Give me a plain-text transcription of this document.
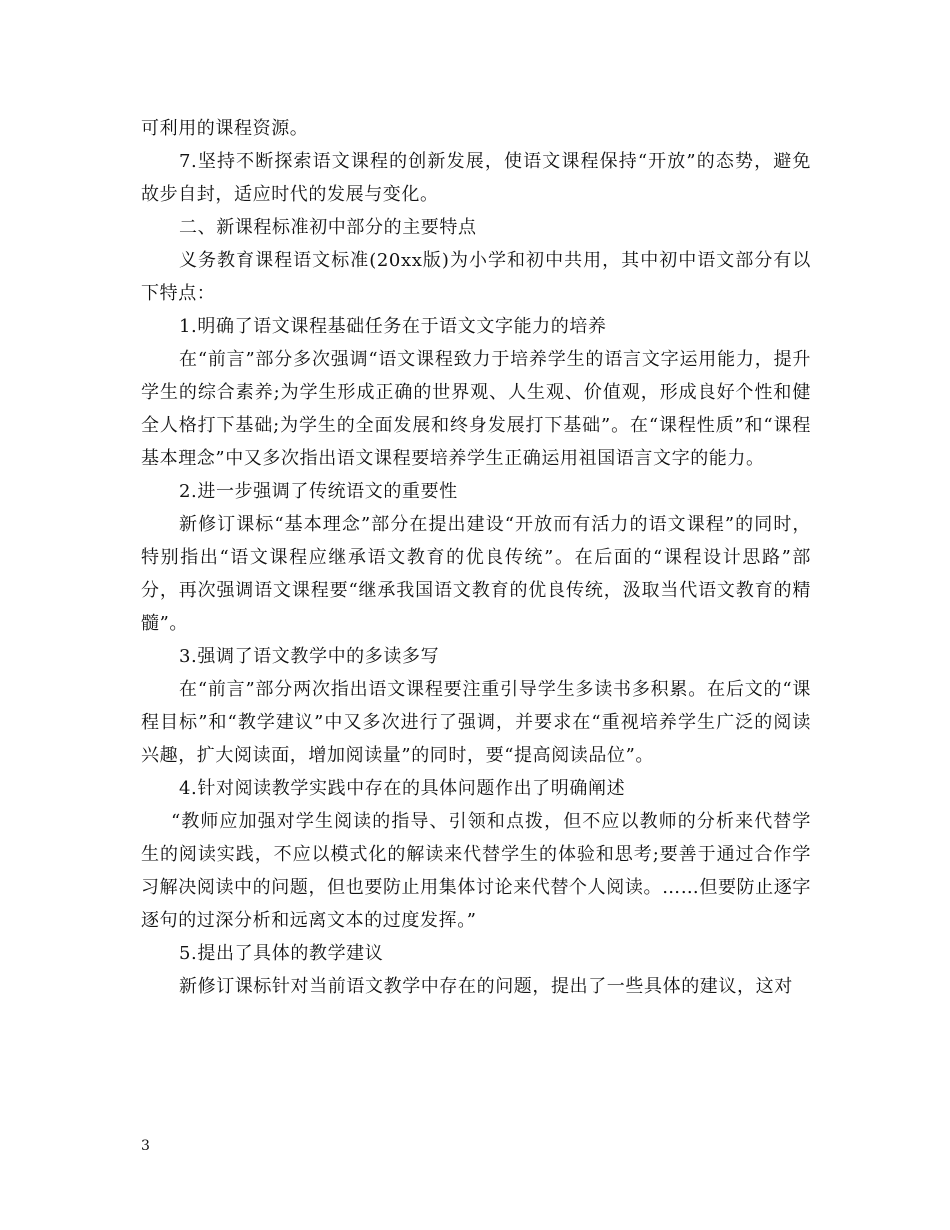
可利用的课程资源。

7.坚持不断探索语文课程的创新发展，使语文课程保持“开放”的态势，避免故步自封，适应时代的发展与变化。

二、新课程标准初中部分的主要特点

义务教育课程语文标准(20xx版)为小学和初中共用，其中初中语文部分有以下特点：

1.明确了语文课程基础任务在于语文文字能力的培养

在“前言”部分多次强调“语文课程致力于培养学生的语言文字运用能力，提升学生的综合素养;为学生形成正确的世界观、人生观、价值观，形成良好个性和健全人格打下基础;为学生的全面发展和终身发展打下基础”。在“课程性质”和“课程基本理念”中又多次指出语文课程要培养学生正确运用祖国语言文字的能力。

2.进一步强调了传统语文的重要性

新修订课标“基本理念”部分在提出建设“开放而有活力的语文课程”的同时，特别指出“语文课程应继承语文教育的优良传统”。在后面的“课程设计思路”部分，再次强调语文课程要“继承我国语文教育的优良传统，汲取当代语文教育的精髓”。

3.强调了语文教学中的多读多写

在“前言”部分两次指出语文课程要注重引导学生多读书多积累。在后文的“课程目标”和“教学建议”中又多次进行了强调，并要求在“重视培养学生广泛的阅读兴趣，扩大阅读面，增加阅读量”的同时，要“提高阅读品位”。

4.针对阅读教学实践中存在的具体问题作出了明确阐述

“教师应加强对学生阅读的指导、引领和点拨，但不应以教师的分析来代替学生的阅读实践，不应以模式化的解读来代替学生的体验和思考;要善于通过合作学习解决阅读中的问题，但也要防止用集体讨论来代替个人阅读。……但要防止逐字逐句的过深分析和远离文本的过度发挥。”

5.提出了具体的教学建议

新修订课标针对当前语文教学中存在的问题，提出了一些具体的建议，这对

3
